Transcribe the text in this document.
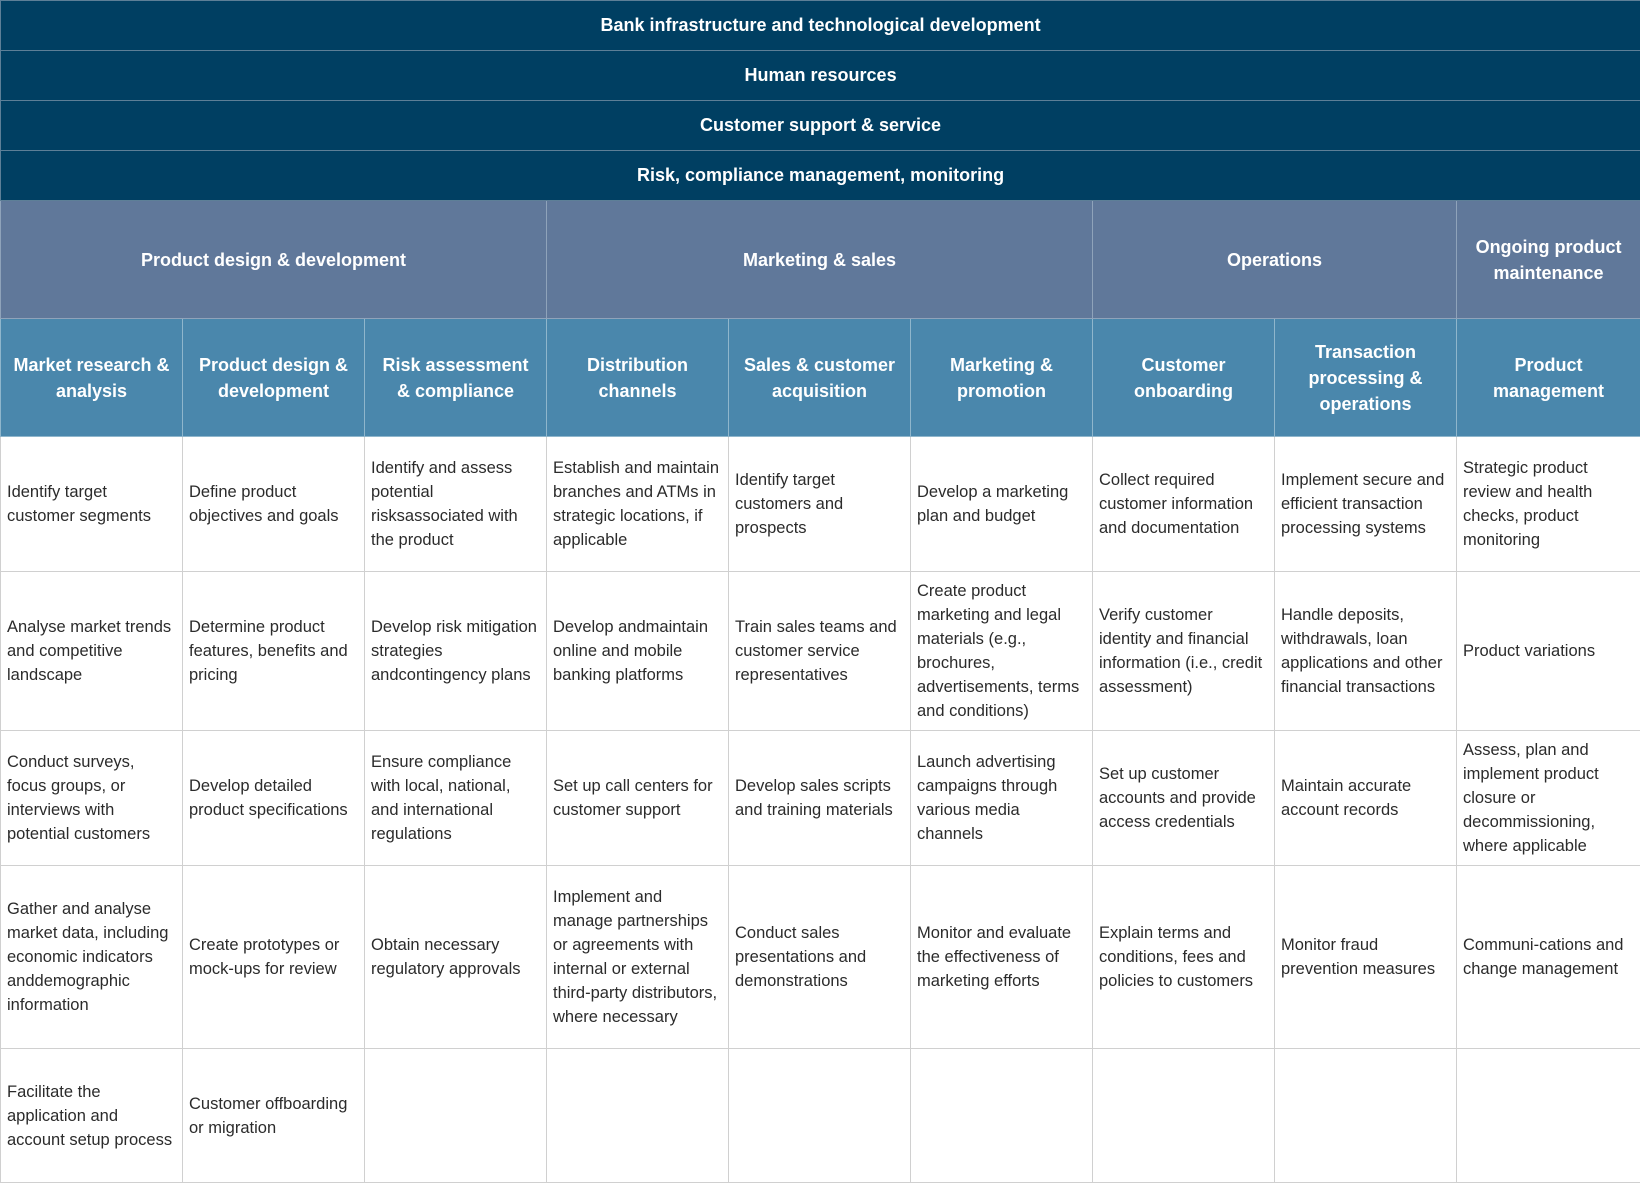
Bank infrastructure and technological development								
Human resources								
Customer support & service								
Risk, compliance management, monitoring								
Product design & development			Marketing & sales			Operations		Ongoing product maintenance
Market research & analysis	Product design & development	Risk assessment & compliance	Distribution channels	Sales & customer acquisition	Marketing & promotion	Customer onboarding	Transaction processing & operations	Product management
Identify target customer segments	Define product objectives and goals	Identify and assess potential risksassociated with the product	Establish and maintain branches and ATMs in strategic locations, if applicable	Identify target customers and prospects	Develop a marketing plan and budget	Collect required customer information and documentation	Implement secure and efficient transaction processing systems	Strategic product review and health checks, product monitoring
Analyse market trends and competitive landscape	Determine product features, benefits and pricing	Develop risk mitigation strategies andcontingency plans	Develop andmaintain online and mobile banking platforms	Train sales teams and customer service representatives	Create product marketing and legal materials (e.g., brochures, advertisements, terms and conditions)	Verify customer identity and financial information (i.e., credit assessment)	Handle deposits, withdrawals, loan applications and other financial transactions	Product variations
Conduct surveys, focus groups, or interviews with potential customers	Develop detailed product specifications	Ensure compliance with local, national, and international regulations	Set up call centers for customer support	Develop sales scripts and training materials	Launch advertising campaigns through various media channels	Set up customer accounts and provide access credentials	Maintain accurate account records	Assess, plan and implement product closure or decommissioning, where applicable
Gather and analyse market data, including economic indicators anddemographic information	Create prototypes or mock-ups for review	Obtain necessary regulatory approvals	Implement and manage partnerships or agreements with internal or external third-party distributors, where necessary	Conduct sales presentations and demonstrations	Monitor and evaluate the effectiveness of marketing efforts	Explain terms and conditions, fees and policies to customers	Monitor fraud prevention measures	Communi-cations and change management
Facilitate the application and account setup process	Customer offboarding or migration							
